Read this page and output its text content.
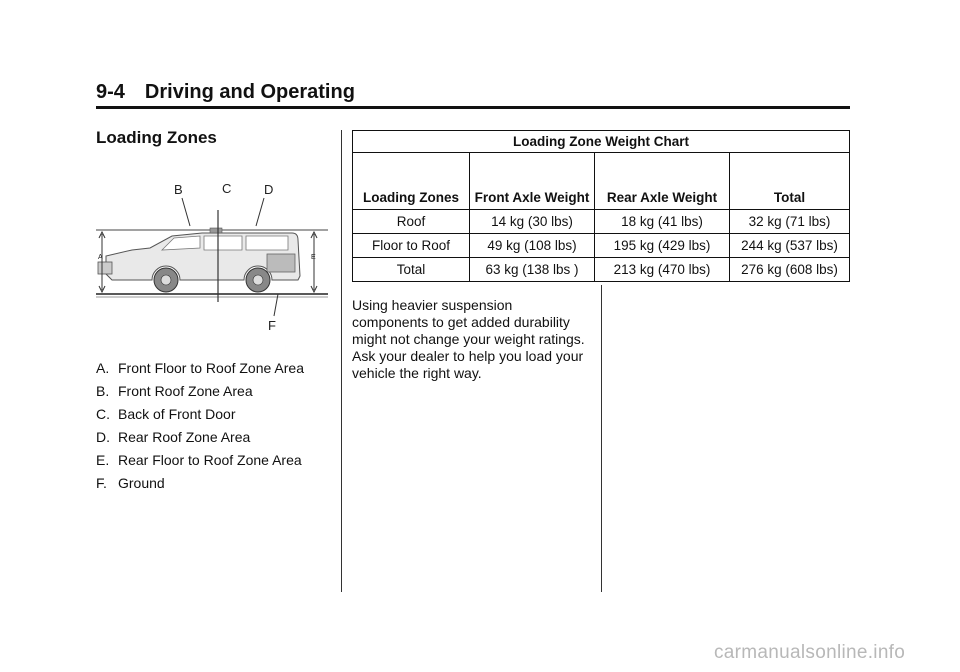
9-4 Driving and Operating
Loading Zones
B	C	D
A	E
F
A. Front Floor to Roof Zone Area
B. Front Roof Zone Area
C. Back of Front Door
D. Rear Roof Zone Area
E. Rear Floor to Roof Zone Area
F. Ground
Loading Zone Weight Chart
Loading Zones	Front Axle Weight	Rear Axle Weight	Total
Roof	14 kg (30 lbs)	18 kg (41 lbs)	32 kg (71 lbs)
Floor to Roof	49 kg (108 lbs)	195 kg (429 lbs)	244 kg (537 lbs)
Total	63 kg (138 lbs )	213 kg (470 lbs)	276 kg (608 lbs)

Using heavier suspension components to get added durability might not change your weight ratings. Ask your dealer to help you load your vehicle the right way.

carmanualsonline.info
